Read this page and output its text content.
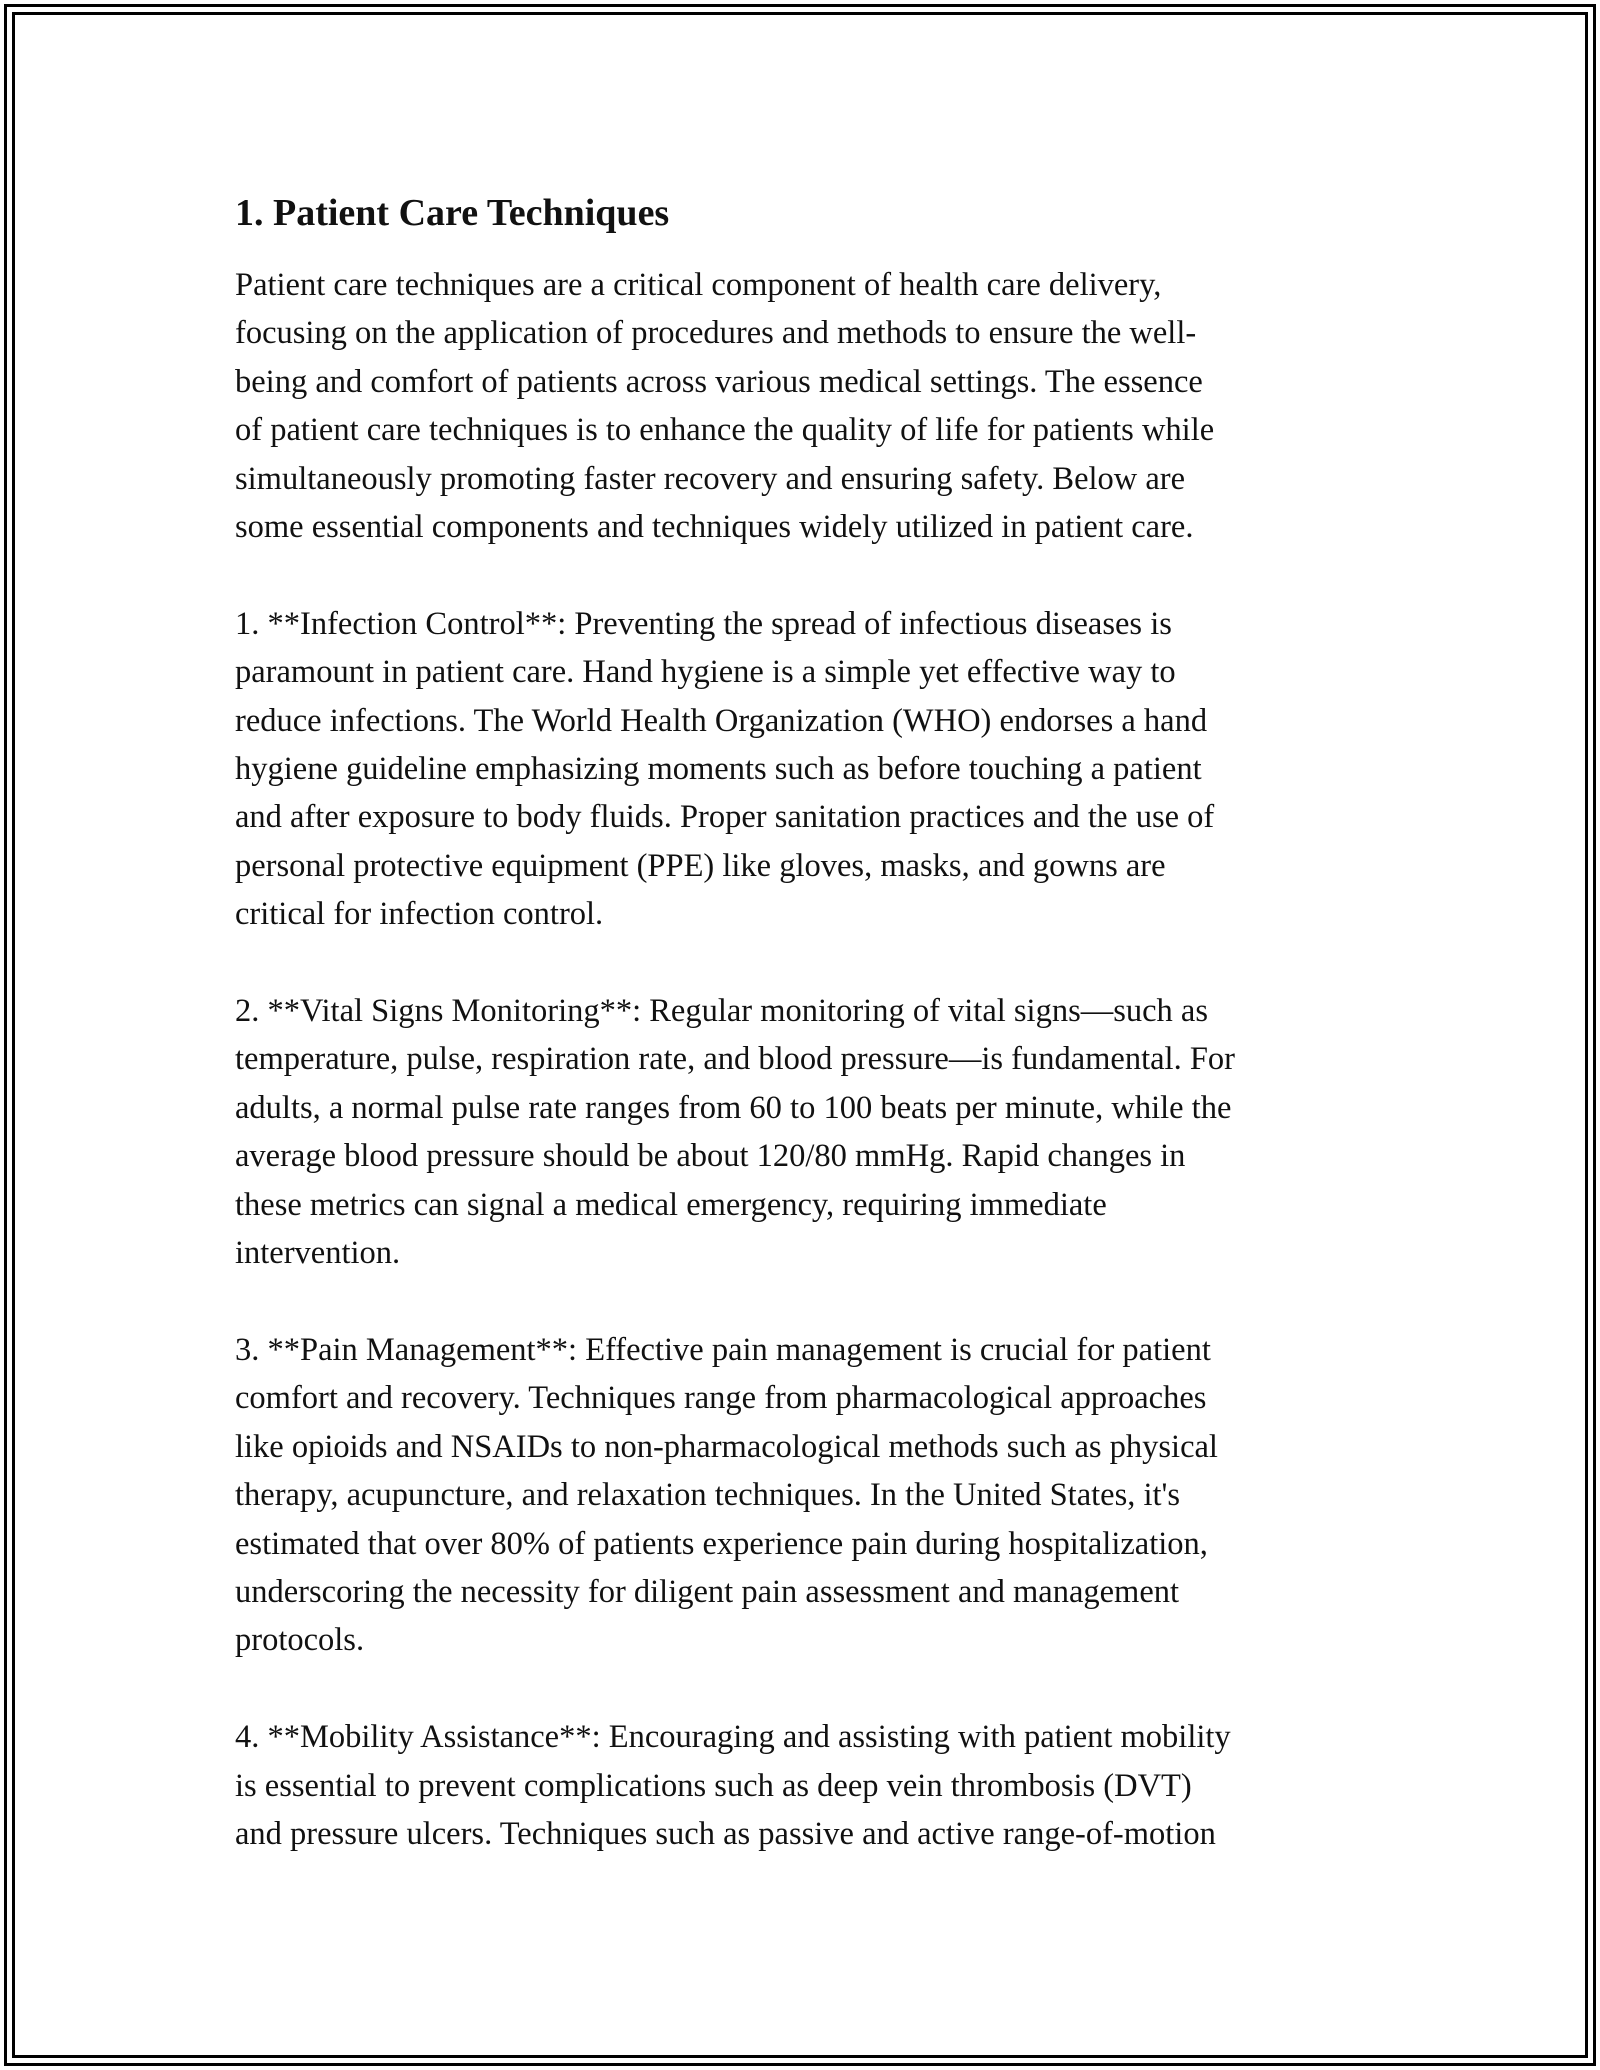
1. Patient Care Techniques

Patient care techniques are a critical component of health care delivery,
focusing on the application of procedures and methods to ensure the well-
being and comfort of patients across various medical settings. The essence
of patient care techniques is to enhance the quality of life for patients while
simultaneously promoting faster recovery and ensuring safety. Below are
some essential components and techniques widely utilized in patient care.

1. **Infection Control**: Preventing the spread of infectious diseases is
paramount in patient care. Hand hygiene is a simple yet effective way to
reduce infections. The World Health Organization (WHO) endorses a hand
hygiene guideline emphasizing moments such as before touching a patient
and after exposure to body fluids. Proper sanitation practices and the use of
personal protective equipment (PPE) like gloves, masks, and gowns are
critical for infection control.

2. **Vital Signs Monitoring**: Regular monitoring of vital signs—such as
temperature, pulse, respiration rate, and blood pressure—is fundamental. For
adults, a normal pulse rate ranges from 60 to 100 beats per minute, while the
average blood pressure should be about 120/80 mmHg. Rapid changes in
these metrics can signal a medical emergency, requiring immediate
intervention.

3. **Pain Management**: Effective pain management is crucial for patient
comfort and recovery. Techniques range from pharmacological approaches
like opioids and NSAIDs to non-pharmacological methods such as physical
therapy, acupuncture, and relaxation techniques. In the United States, it's
estimated that over 80% of patients experience pain during hospitalization,
underscoring the necessity for diligent pain assessment and management
protocols.

4. **Mobility Assistance**: Encouraging and assisting with patient mobility
is essential to prevent complications such as deep vein thrombosis (DVT)
and pressure ulcers. Techniques such as passive and active range-of-motion
